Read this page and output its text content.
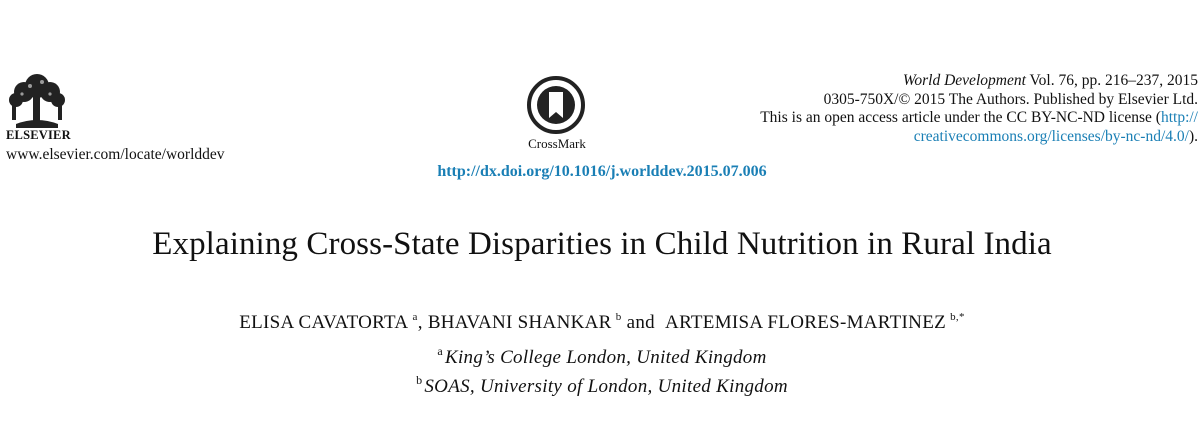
ELSEVIER
www.elsevier.com/locate/worlddev
CrossMark
World Development Vol. 76, pp. 216–237, 2015
0305-750X/© 2015 The Authors. Published by Elsevier Ltd.
This is an open access article under the CC BY-NC-ND license (http://
creativecommons.org/licenses/by-nc-nd/4.0/).
http://dx.doi.org/10.1016/j.worlddev.2015.07.006
Explaining Cross-State Disparities in Child Nutrition in Rural India
ELISA CAVATORTA  $^a$, BHAVANI SHANKAR  $^b$ and  ARTEMISA FLORES-MARTINEZ  $^{b,*}$
$^a$ King’s College London, United Kingdom
$^b$ SOAS, University of London, United Kingdom
